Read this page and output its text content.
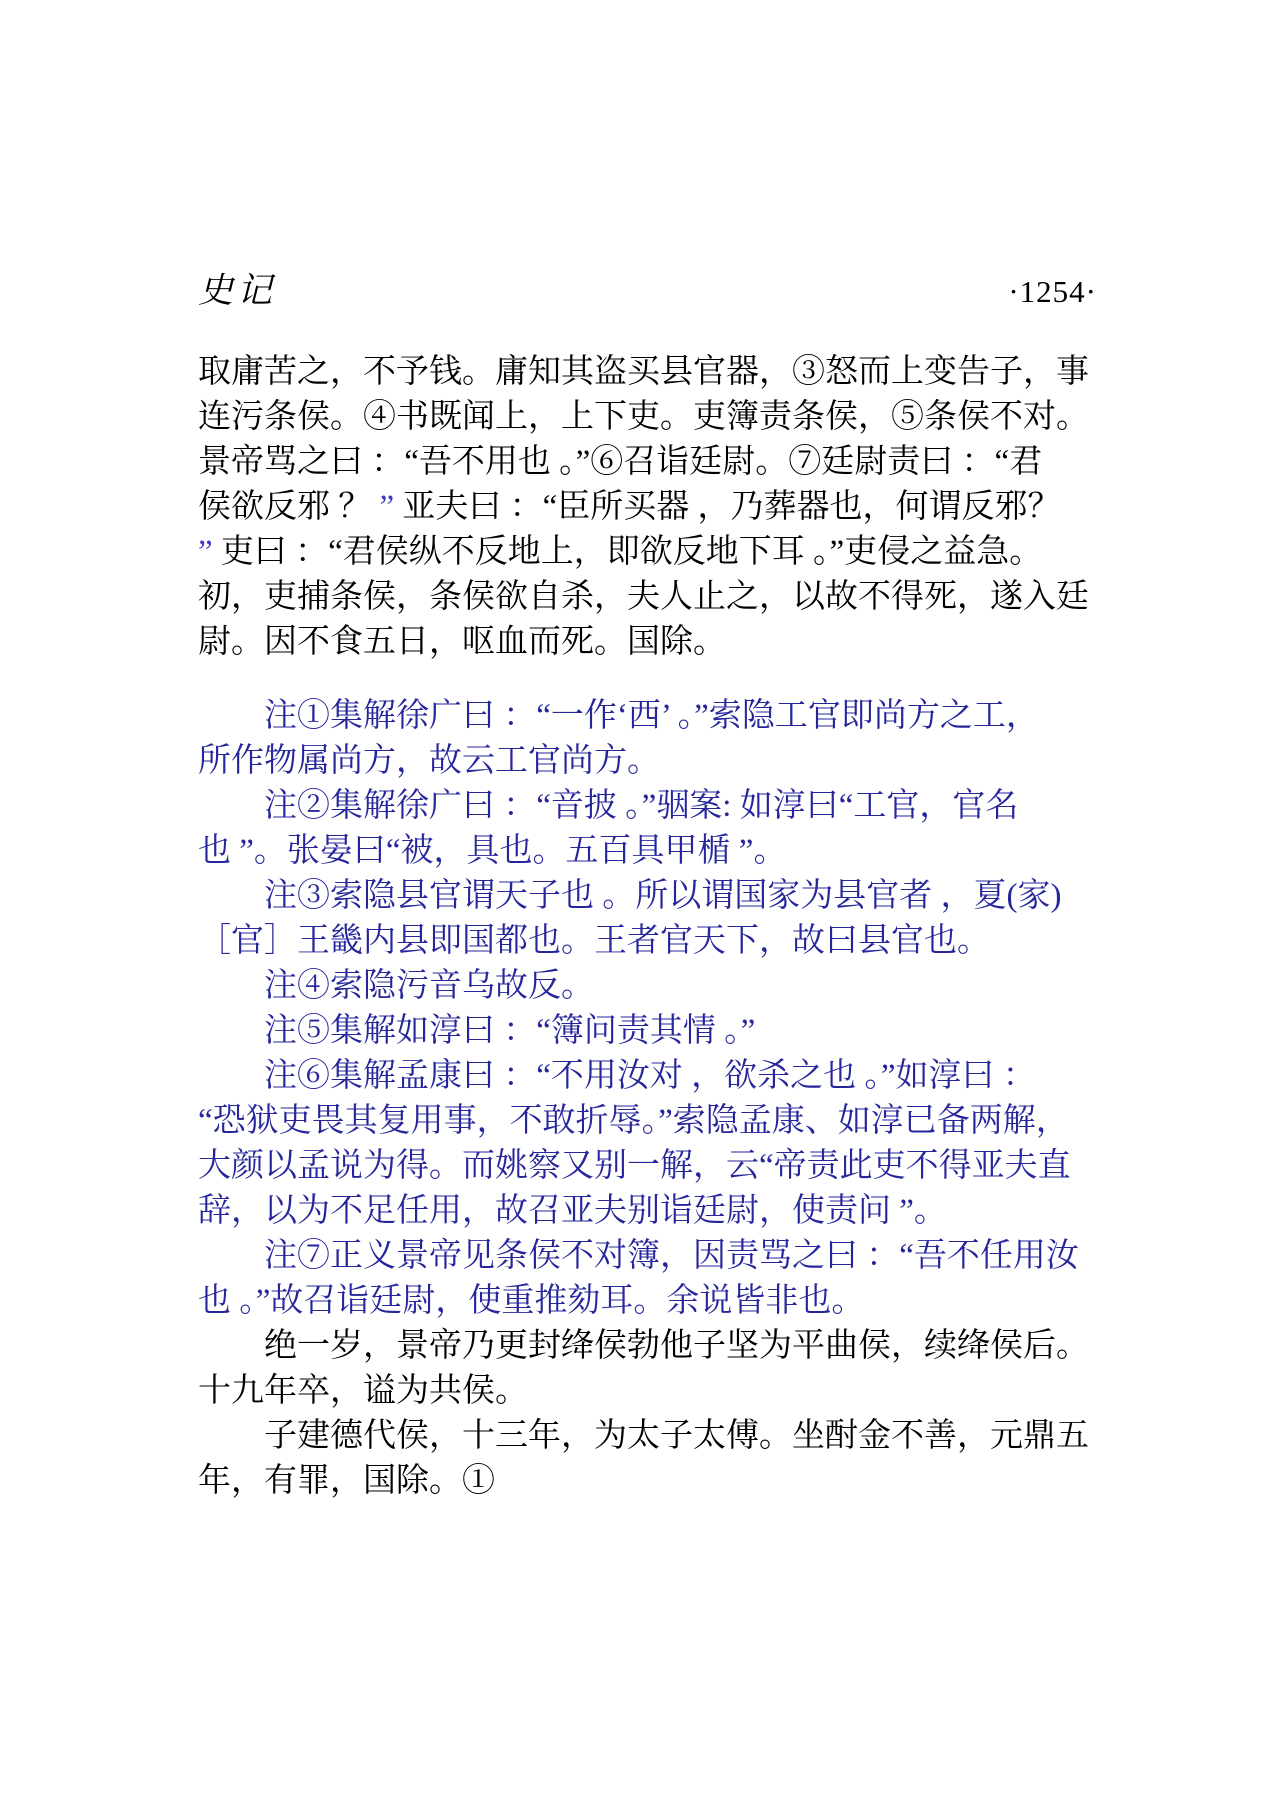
史记	·1254·
取庸苦之，不予钱。庸知其盗买县官器，③怒而上变告子，事
连污条侯。④书既闻上，上下吏。吏簿责条侯，⑤条侯不对。
景帝骂之曰 ：“吾不用也 。”⑥召诣廷尉。⑦廷尉责曰 ：“君
侯欲反邪 ？ ” 亚夫曰 ：“臣所买器 ，乃葬器也，何谓反邪？
” 吏曰 ：“君侯纵不反地上，即欲反地下耳 。”吏侵之益急。
初，吏捕条侯，条侯欲自杀，夫人止之，以故不得死，遂入廷
尉。因不食五日，呕血而死。国除。
注①集解徐广曰 ：“一作‘西’ 。”索隐工官即尚方之工，
所作物属尚方，故云工官尚方。
注②集解徐广曰 ：“音披 。”骃案: 如淳曰“工官，官名
也 ”。张晏曰“被，具也。五百具甲楯 ”。
注③索隐县官谓天子也 。所以谓国家为县官者 ，夏(家)
［官］王畿内县即国都也。王者官天下，故曰县官也。
注④索隐污音乌故反。
注⑤集解如淳曰 ：“簿问责其情 。”
注⑥集解孟康曰 ：“不用汝对 ，欲杀之也 。”如淳曰 ：
“恐狱吏畏其复用事，不敢折辱。”索隐孟康、如淳已备两解，
大颜以孟说为得。而姚察又别一解，云“帝责此吏不得亚夫直
辞，以为不足任用，故召亚夫别诣廷尉，使责问 ”。
注⑦正义景帝见条侯不对簿，因责骂之曰 ：“吾不任用汝
也 。”故召诣廷尉，使重推劾耳。余说皆非也。
绝一岁，景帝乃更封绛侯勃他子坚为平曲侯，续绛侯后。
十九年卒，谥为共侯。
子建德代侯，十三年，为太子太傅。坐酎金不善，元鼎五
年，有罪，国除。①
